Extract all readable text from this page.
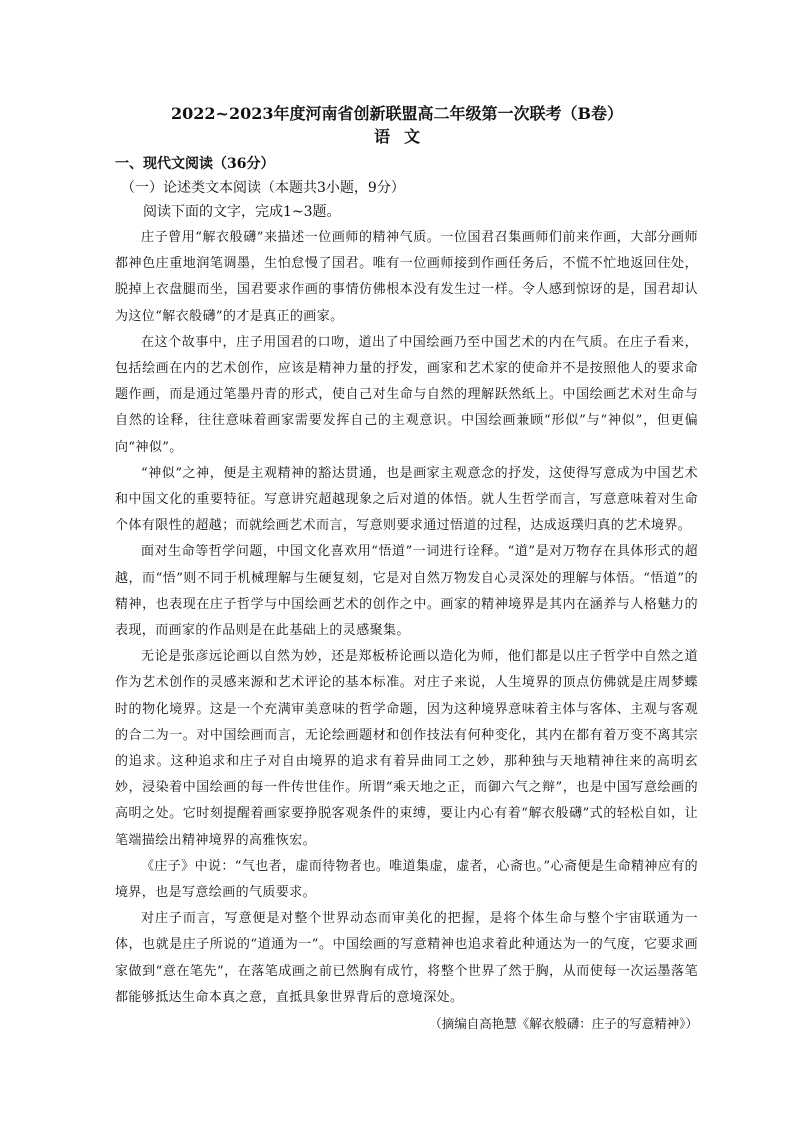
2022~2023年度河南省创新联盟高二年级第一次联考（B卷）
语文
一、现代文阅读（36分）
（一）论述类文本阅读（本题共3小题，9分）

阅读下面的文字，完成1~3题。

庄子曾用“解衣般礴”来描述一位画师的精神气质。一位国君召集画师们前来作画，大部分画师都神色庄重地润笔调墨，生怕怠慢了国君。唯有一位画师接到作画任务后，不慌不忙地返回住处，脱掉上衣盘腿而坐，国君要求作画的事情仿佛根本没有发生过一样。令人感到惊讶的是，国君却认为这位“解衣般礴”的才是真正的画家。

在这个故事中，庄子用国君的口吻，道出了中国绘画乃至中国艺术的内在气质。在庄子看来，包括绘画在内的艺术创作，应该是精神力量的抒发，画家和艺术家的使命并不是按照他人的要求命题作画，而是通过笔墨丹青的形式，使自己对生命与自然的理解跃然纸上。中国绘画艺术对生命与自然的诠释，往往意味着画家需要发挥自己的主观意识。中国绘画兼顾“形似”与“神似”，但更偏向“神似”。

“神似”之神，便是主观精神的豁达贯通，也是画家主观意念的抒发，这使得写意成为中国艺术和中国文化的重要特征。写意讲究超越现象之后对道的体悟。就人生哲学而言，写意意味着对生命个体有限性的超越；而就绘画艺术而言，写意则要求通过悟道的过程，达成返璞归真的艺术境界。

面对生命等哲学问题，中国文化喜欢用“悟道”一词进行诠释。“道”是对万物存在具体形式的超越，而“悟”则不同于机械理解与生硬复刻，它是对自然万物发自心灵深处的理解与体悟。“悟道”的精神，也表现在庄子哲学与中国绘画艺术的创作之中。画家的精神境界是其内在涵养与人格魅力的表现，而画家的作品则是在此基础上的灵感聚集。

无论是张彦远论画以自然为妙，还是郑板桥论画以造化为师，他们都是以庄子哲学中自然之道作为艺术创作的灵感来源和艺术评论的基本标准。对庄子来说，人生境界的顶点仿佛就是庄周梦蝶时的物化境界。这是一个充满审美意味的哲学命题，因为这种境界意味着主体与客体、主观与客观的合二为一。对中国绘画而言，无论绘画题材和创作技法有何种变化，其内在都有着万变不离其宗的追求。这种追求和庄子对自由境界的追求有着异曲同工之妙，那种独与天地精神往来的高明玄妙，浸染着中国绘画的每一件传世佳作。所谓“乘天地之正，而御六气之辩”，也是中国写意绘画的高明之处。它时刻提醒着画家要挣脱客观条件的束缚，要让内心有着“解衣般礴”式的轻松自如，让笔端描绘出精神境界的高雅恢宏。

《庄子》中说：“气也者，虚而待物者也。唯道集虚，虚者，心斋也。”心斋便是生命精神应有的境界，也是写意绘画的气质要求。

对庄子而言，写意便是对整个世界动态而审美化的把握，是将个体生命与整个宇宙联通为一体，也就是庄子所说的“道通为一”。中国绘画的写意精神也追求着此种通达为一的气度，它要求画家做到“意在笔先”，在落笔成画之前已然胸有成竹，将整个世界了然于胸，从而使每一次运墨落笔都能够抵达生命本真之意，直抵具象世界背后的意境深处。

（摘编自高艳慧《解衣般礴：庄子的写意精神》）
